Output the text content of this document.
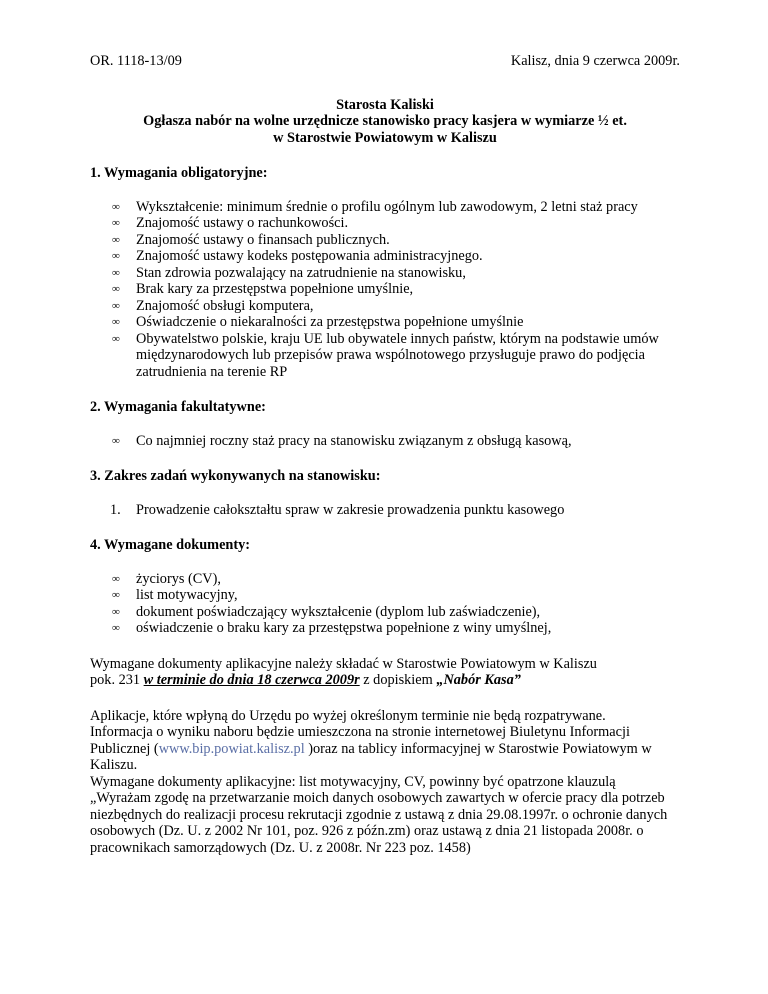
OR. 1118-13/09	Kalisz, dnia 9 czerwca 2009r.
Starosta Kaliski
Ogłasza nabór na wolne urzędnicze stanowisko pracy kasjera w wymiarze ½ et.
w Starostwie Powiatowym w Kaliszu
1. Wymagania obligatoryjne:
∞ Wykształcenie: minimum średnie o profilu ogólnym lub zawodowym, 2 letni staż pracy
∞ Znajomość ustawy o rachunkowości.
∞ Znajomość ustawy o finansach publicznych.
∞ Znajomość ustawy kodeks postępowania administracyjnego.
∞ Stan zdrowia pozwalający na zatrudnienie na stanowisku,
∞ Brak kary za przestępstwa popełnione umyślnie,
∞ Znajomość obsługi komputera,
∞ Oświadczenie o niekaralności za przestępstwa popełnione umyślnie
∞ Obywatelstwo polskie, kraju UE lub obywatele innych państw, którym na podstawie umów międzynarodowych lub przepisów prawa wspólnotowego przysługuje prawo do podjęcia zatrudnienia na terenie RP
2. Wymagania fakultatywne:
∞ Co najmniej roczny staż pracy na stanowisku związanym z obsługą kasową,
3. Zakres zadań wykonywanych na stanowisku:
1. Prowadzenie całokształtu spraw w zakresie prowadzenia punktu kasowego
4. Wymagane dokumenty:
∞ życiorys (CV),
∞ list motywacyjny,
∞ dokument poświadczający wykształcenie (dyplom lub zaświadczenie),
∞ oświadczenie o braku kary za przestępstwa popełnione z winy umyślnej,
Wymagane dokumenty aplikacyjne należy składać w Starostwie Powiatowym w Kaliszu
pok. 231 w terminie do dnia 18 czerwca 2009r z dopiskiem „Nabór Kasa”
Aplikacje, które wpłyną do Urzędu po wyżej określonym terminie nie będą rozpatrywane.
Informacja o wyniku naboru będzie umieszczona na stronie internetowej Biuletynu Informacji Publicznej (www.bip.powiat.kalisz.pl )oraz na tablicy informacyjnej w Starostwie Powiatowym w Kaliszu.
Wymagane dokumenty aplikacyjne: list motywacyjny, CV, powinny być opatrzone klauzulą „Wyrażam zgodę na przetwarzanie moich danych osobowych zawartych w ofercie pracy dla potrzeb niezbędnych do realizacji procesu rekrutacji zgodnie z ustawą z dnia 29.08.1997r. o ochronie danych osobowych (Dz. U. z 2002 Nr 101, poz. 926 z późn.zm) oraz ustawą z dnia 21 listopada 2008r. o pracownikach samorządowych (Dz. U. z 2008r. Nr 223 poz. 1458)
